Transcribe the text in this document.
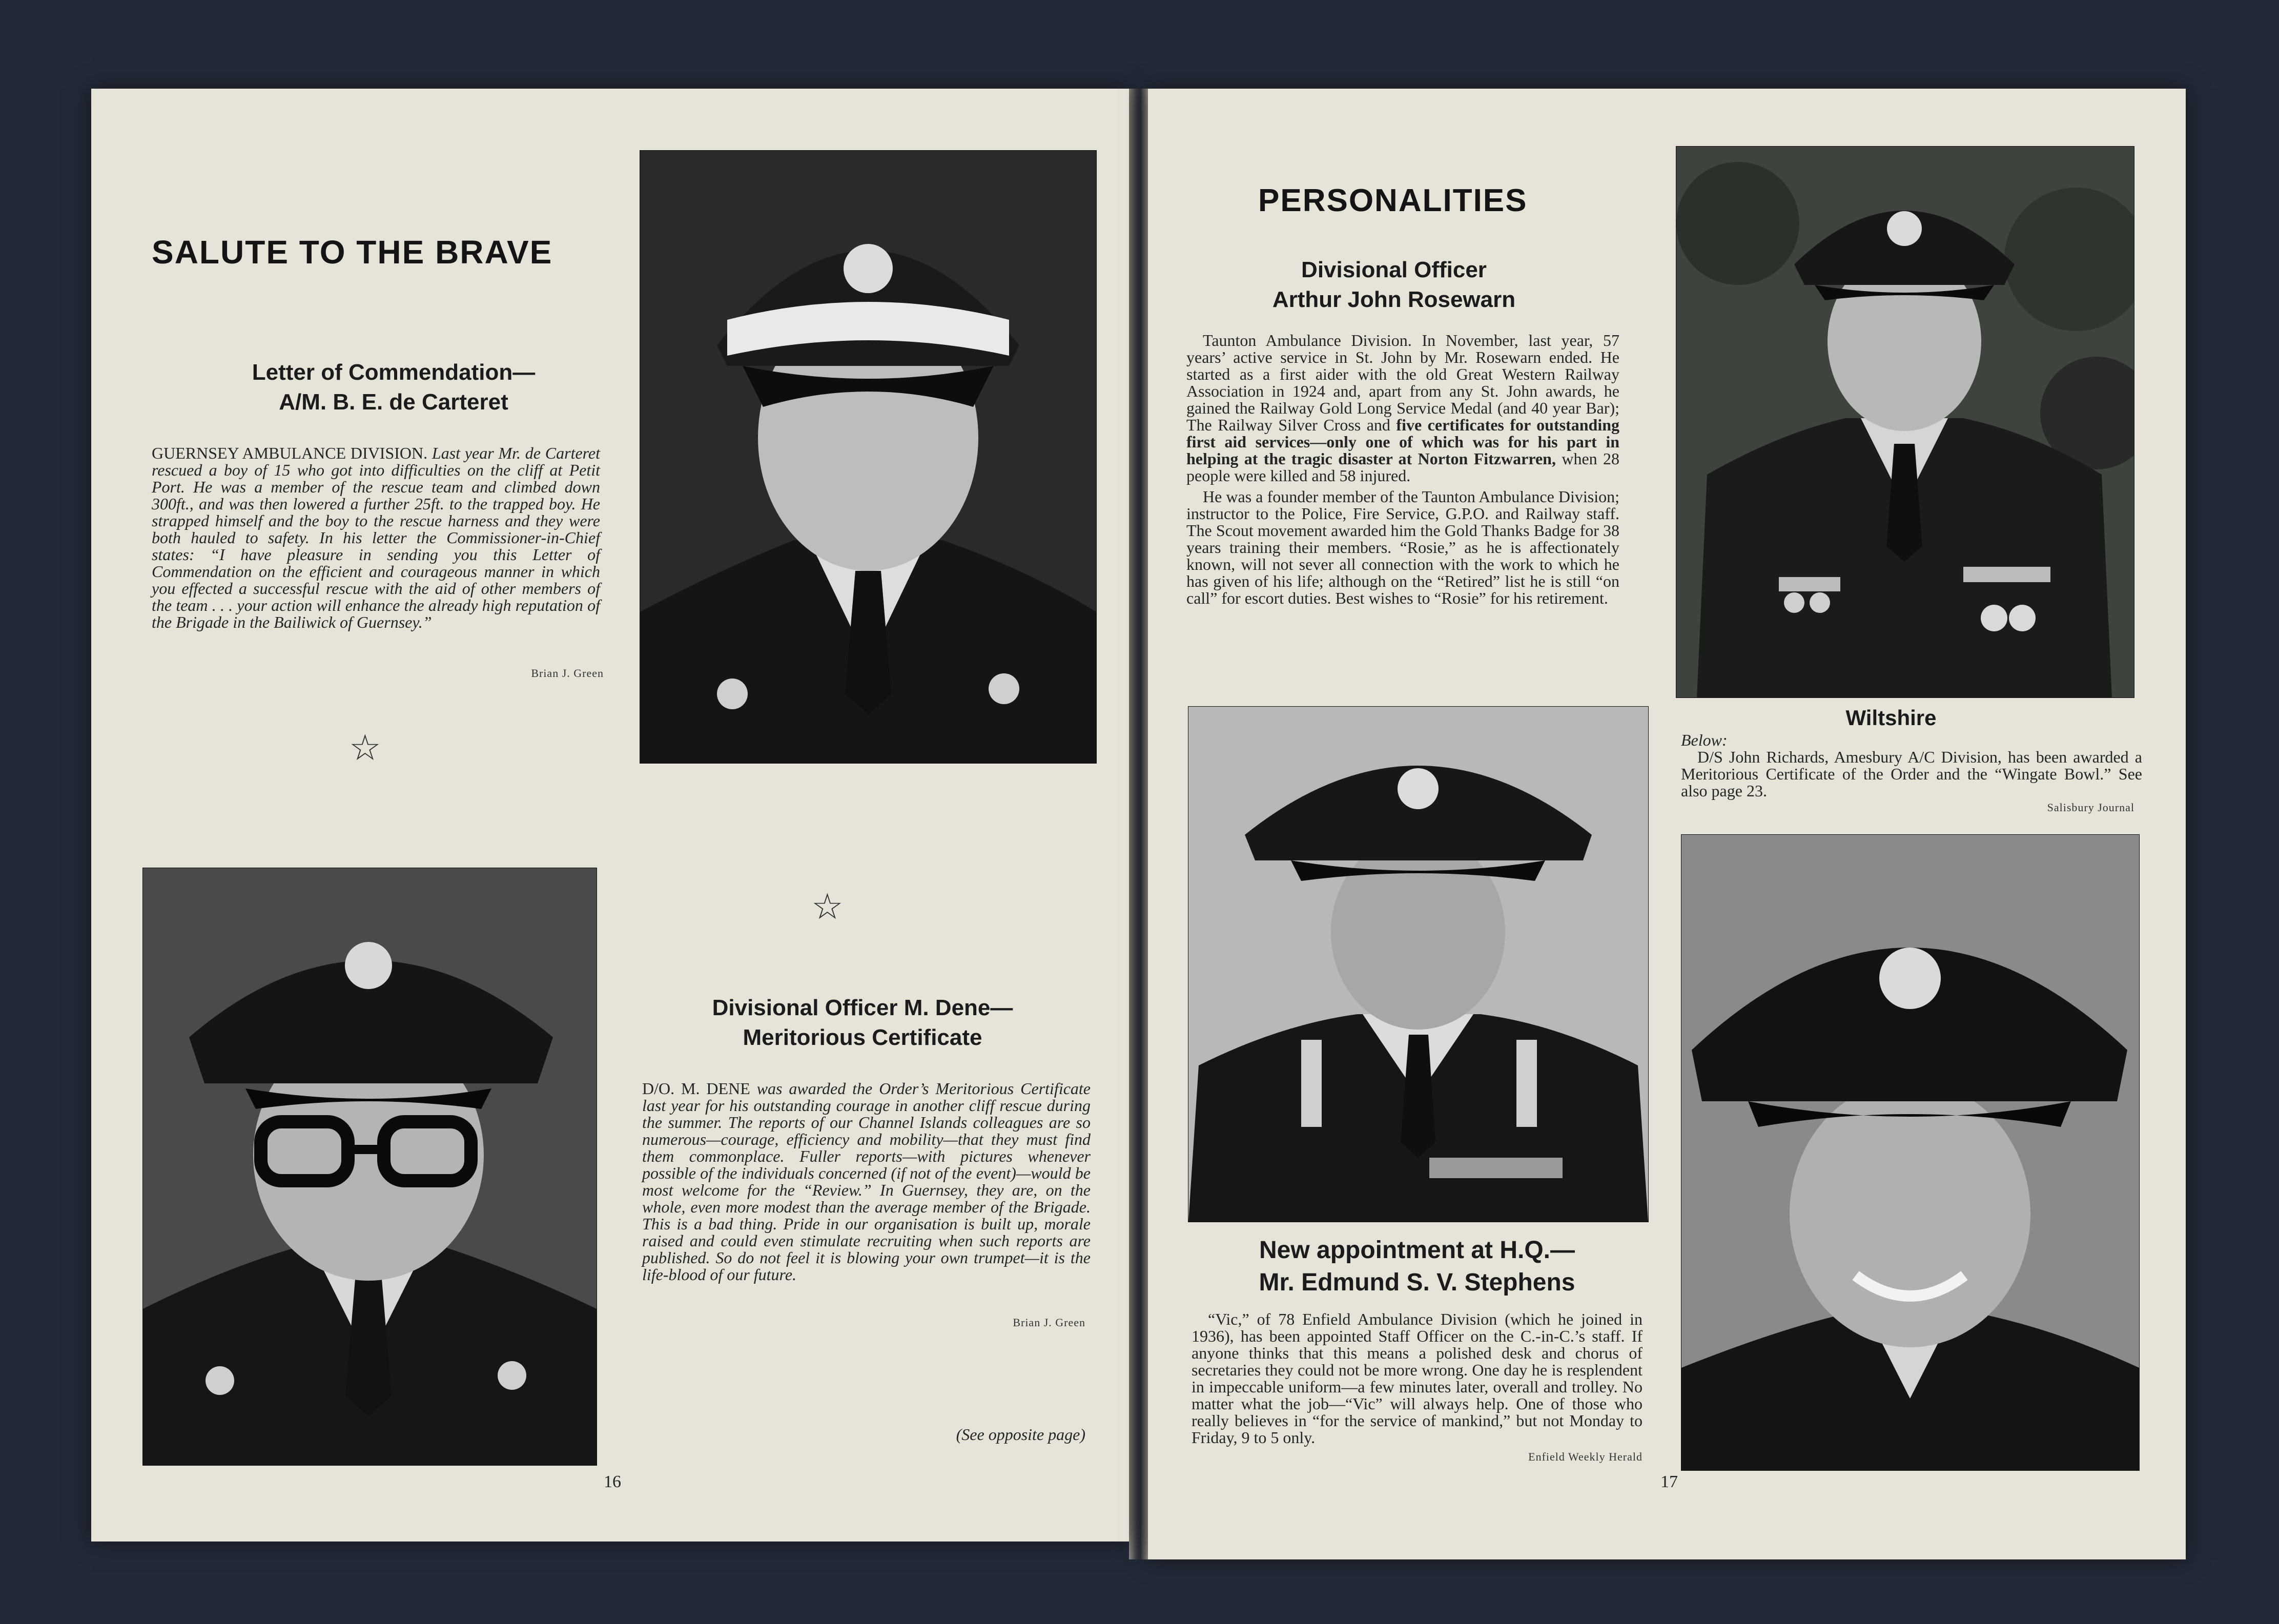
SALUTE TO THE BRAVE
Letter of Commendation—
A/M. B. E. de Carteret
GUERNSEY AMBULANCE DIVISION. Last year Mr. de Carteret rescued a boy of 15 who got into difficulties on the cliff at Petit Port. He was a member of the rescue team and climbed down 300ft., and was then lowered a further 25ft. to the trapped boy. He strapped himself and the boy to the rescue harness and they were both hauled to safety. In his letter the Commissioner-in-Chief states: “I have pleasure in sending you this Letter of Commendation on the efficient and courageous manner in which you effected a successful rescue with the aid of other members of the team . . . your action will enhance the already high reputation of the Brigade in the Bailiwick of Guernsey.”
Brian J. Green
☆
☆
Divisional Officer M. Dene—
Meritorious Certificate
D/O. M. DENE was awarded the Order’s Meritorious Certificate last year for his outstanding courage in another cliff rescue during the summer. The reports of our Channel Islands colleagues are so numerous—courage, efficiency and mobility—that they must find them commonplace. Fuller reports—with pictures whenever possible of the individuals concerned (if not of the event)—would be most welcome for the “Review.” In Guernsey, they are, on the whole, even more modest than the average member of the Brigade. This is a bad thing. Pride in our organisation is built up, morale raised and could even stimulate recruiting when such reports are published. So do not feel it is blowing your own trumpet—it is the life-blood of our future.
Brian J. Green
(See opposite page)
16
PERSONALITIES
Divisional Officer
Arthur John Rosewarn

Taunton Ambulance Division. In November, last year, 57 years’ active service in St. John by Mr. Rosewarn ended. He started as a first aider with the old Great Western Railway Association in 1924 and, apart from any St. John awards, he gained the Railway Gold Long Service Medal (and 40 year Bar); The Railway Silver Cross and five certificates for outstanding first aid services—only one of which was for his part in helping at the tragic disaster at Norton Fitzwarren, when 28 people were killed and 58 injured.

He was a founder member of the Taunton Ambulance Division; instructor to the Police, Fire Service, G.P.O. and Railway staff. The Scout movement awarded him the Gold Thanks Badge for 38 years training their members. “Rosie,” as he is affectionately known, will not sever all connection with the work to which he has given of his life; although on the “Retired” list he is still “on call” for escort duties. Best wishes to “Rosie” for his retirement.

Wiltshire
Below:
D/S John Richards, Amesbury A/C Division, has been awarded a Meritorious Certificate of the Order and the “Wingate Bowl.” See also page 23.
Salisbury Journal
New appointment at H.Q.—
Mr. Edmund S. V. Stephens
“Vic,” of 78 Enfield Ambulance Division (which he joined in 1936), has been appointed Staff Officer on the C.-in-C.’s staff. If anyone thinks that this means a polished desk and chorus of secretaries they could not be more wrong. One day he is resplendent in impeccable uniform—a few minutes later, overall and trolley. No matter what the job—“Vic” will always help. One of those who really believes in “for the service of mankind,” but not Monday to Friday, 9 to 5 only.
Enfield Weekly Herald
17
